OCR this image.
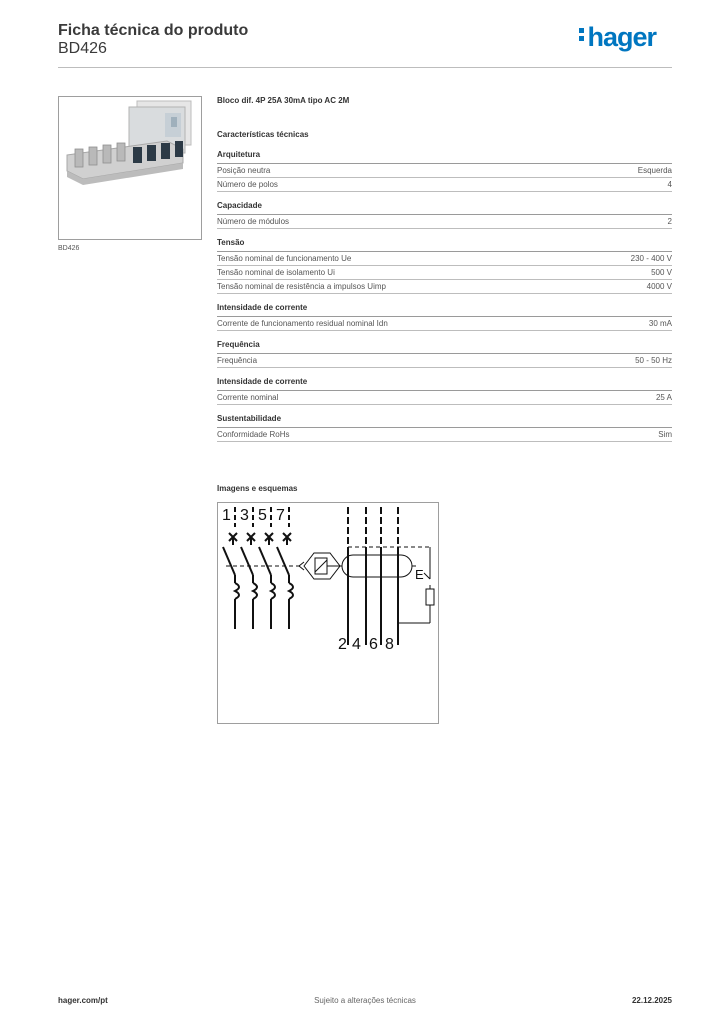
Ficha técnica do produto
BD426	hager
BD426
Bloco dif. 4P 25A 30mA tipo AC 2M
Características técnicas
Arquitetura
Posição neutra	Esquerda
Número de polos	4
Capacidade
Número de módulos	2
Tensão
Tensão nominal de funcionamento Ue	230 - 400 V
Tensão nominal de isolamento Ui	500 V
Tensão nominal de resistência a impulsos Uimp	4000 V
Intensidade de corrente
Corrente de funcionamento residual nominal Idn	30 mA
Frequência
Frequência	50 - 50 Hz
Intensidade de corrente
Corrente nominal	25 A
Sustentabilidade
Conformidade RoHs	Sim
Imagens e esquemas
1 3 5 7
E
2 4 6 8
hager.com/pt	Sujeito a alterações técnicas	22.12.2025
